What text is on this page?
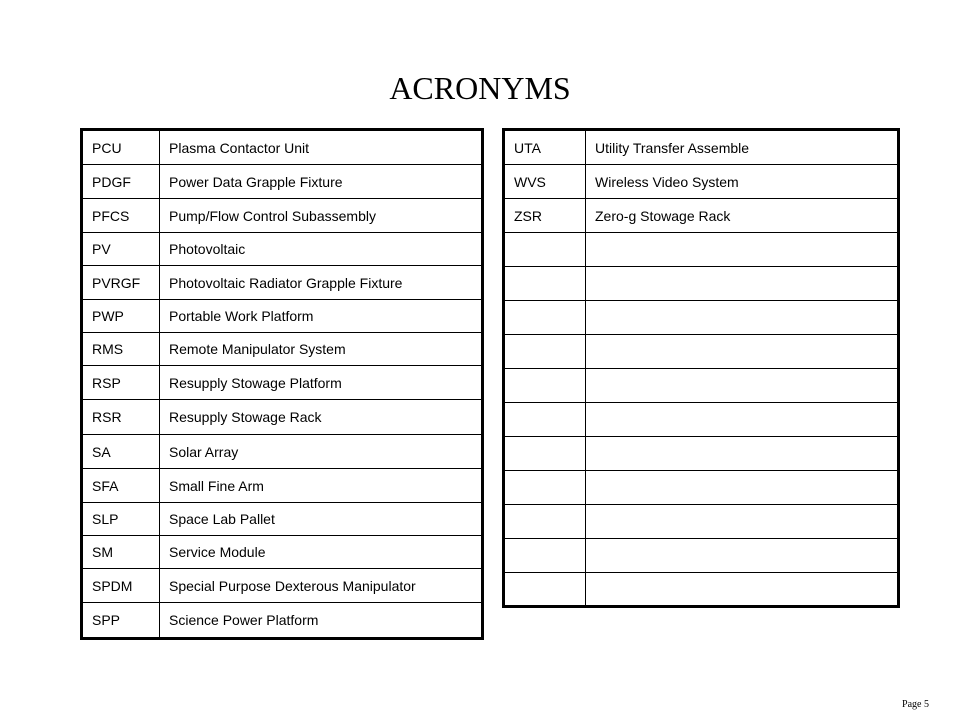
ACRONYMS
PCU	Plasma Contactor Unit
PDGF	Power Data Grapple Fixture
PFCS	Pump/Flow Control Subassembly
PV	Photovoltaic
PVRGF	Photovoltaic Radiator Grapple Fixture
PWP	Portable Work Platform
RMS	Remote Manipulator System
RSP	Resupply Stowage Platform
RSR	Resupply Stowage Rack
SA	Solar Array
SFA	Small Fine Arm
SLP	Space Lab Pallet
SM	Service Module
SPDM	Special Purpose Dexterous Manipulator
SPP	Science Power Platform
UTA	Utility Transfer Assemble
WVS	Wireless Video System
ZSR	Zero-g Stowage Rack

Page 5
